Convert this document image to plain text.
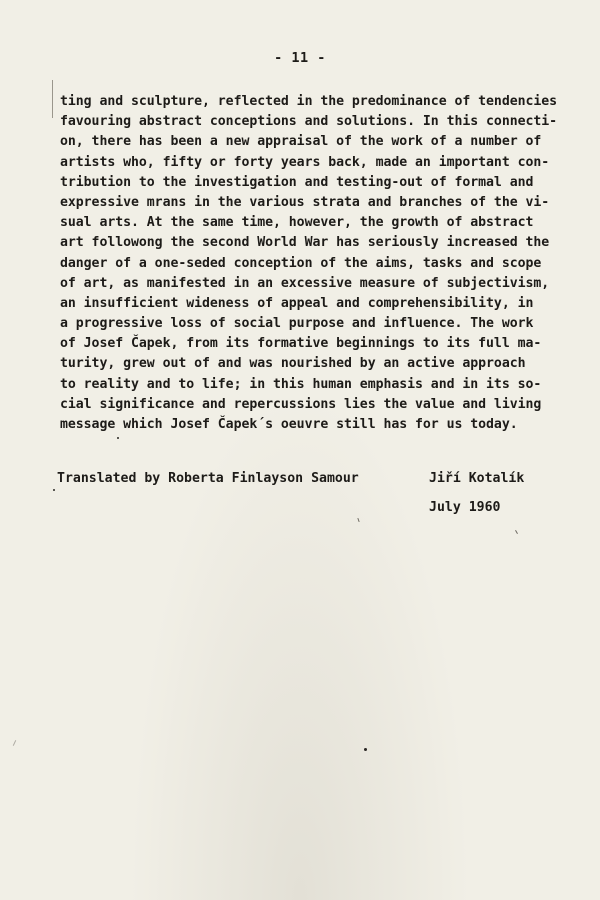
- 11 -
ting and sculpture, reflected in the predominance of tendencies
favouring abstract conceptions and solutions. In this connecti-
on, there has been a new appraisal of the work of a number of
artists who, fifty or forty years back, made an important con-
tribution to the investigation and testing-out of formal and
expressive mrans in the various strata and branches of the vi-
sual arts. At the same time, however, the growth of abstract
art followong the second World War has seriously increased the
danger of a one-seded conception of the aims, tasks and scope
of art, as manifested in an excessive measure of subjectivism,
an insufficient wideness of appeal and comprehensibility, in
a progressive loss of social purpose and influence. The work
of Josef Čapek, from its formative beginnings to its full ma-
turity, grew out of and was nourished by an active approach
to reality and to life; in this human emphasis and in its so-
cial significance and repercussions lies the value and living
message which Josef Čapek´s oeuvre still has for us today.

Translated by Roberta Finlayson Samour

	Jiří Kotalík

July 1960
